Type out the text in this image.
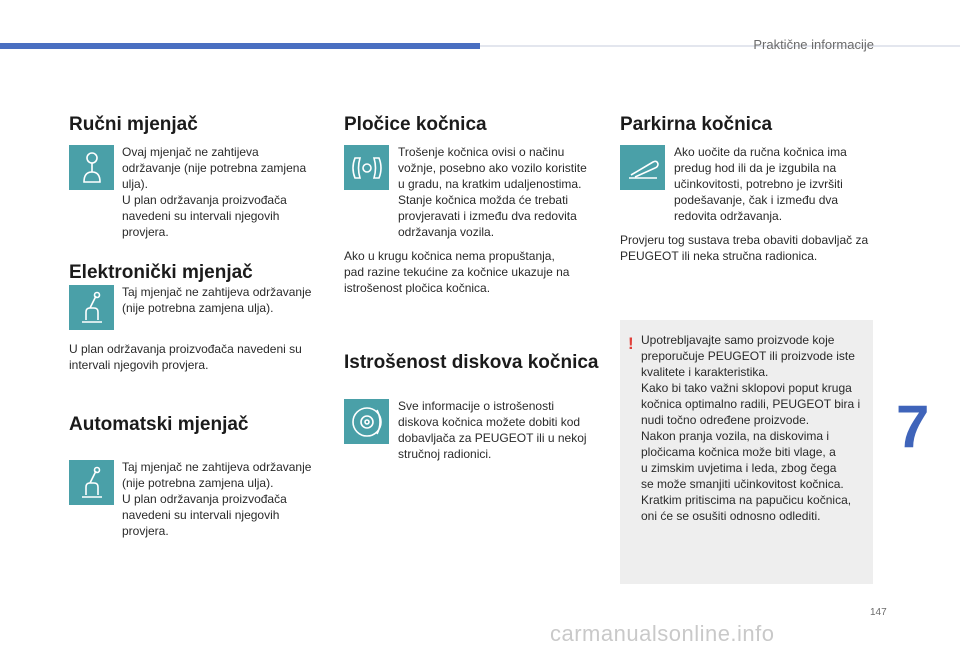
Praktične informacije
Ručni mjenjač
Ovaj mjenjač ne zahtijeva
održavanje (nije potrebna zamjena
ulja).
U plan održavanja proizvođača
navedeni su intervali njegovih
provjera.
Elektronički mjenjač
Taj mjenjač ne zahtijeva održavanje
(nije potrebna zamjena ulja).
U plan održavanja proizvođača navedeni su
intervali njegovih provjera.
Automatski mjenjač
Taj mjenjač ne zahtijeva održavanje
(nije potrebna zamjena ulja).
U plan održavanja proizvođača
navedeni su intervali njegovih
provjera.
Pločice kočnica
Trošenje kočnica ovisi o načinu
vožnje, posebno ako vozilo koristite
u gradu, na kratkim udaljenostima.
Stanje kočnica možda će trebati
provjeravati i između dva redovita
održavanja vozila.
Ako u krugu kočnica nema propuštanja,
pad razine tekućine za kočnice ukazuje na
istrošenost pločica kočnica.
Istrošenost diskova kočnica
Sve informacije o istrošenosti
diskova kočnica možete dobiti kod
dobavljača za PEUGEOT ili u nekoj
stručnoj radionici.
Parkirna kočnica
Ako uočite da ručna kočnica ima
predug hod ili da je izgubila na
učinkovitosti, potrebno je izvršiti
podešavanje, čak i između dva
redovita održavanja.
Provjeru tog sustava treba obaviti dobavljač za
PEUGEOT ili neka stručna radionica.
! Upotrebljavajte samo proizvode koje
preporučuje PEUGEOT ili proizvode iste
kvalitete i karakteristika.
Kako bi tako važni sklopovi poput kruga
kočnica optimalno radili, PEUGEOT bira i
nudi točno određene proizvode.
Nakon pranja vozila, na diskovima i
pločicama kočnica može biti vlage, a
u zimskim uvjetima i leda, zbog čega
se može smanjiti učinkovitost kočnica.
Kratkim pritiscima na papučicu kočnica,
oni će se osušiti odnosno odlediti.
7
147
carmanualsonline.info
